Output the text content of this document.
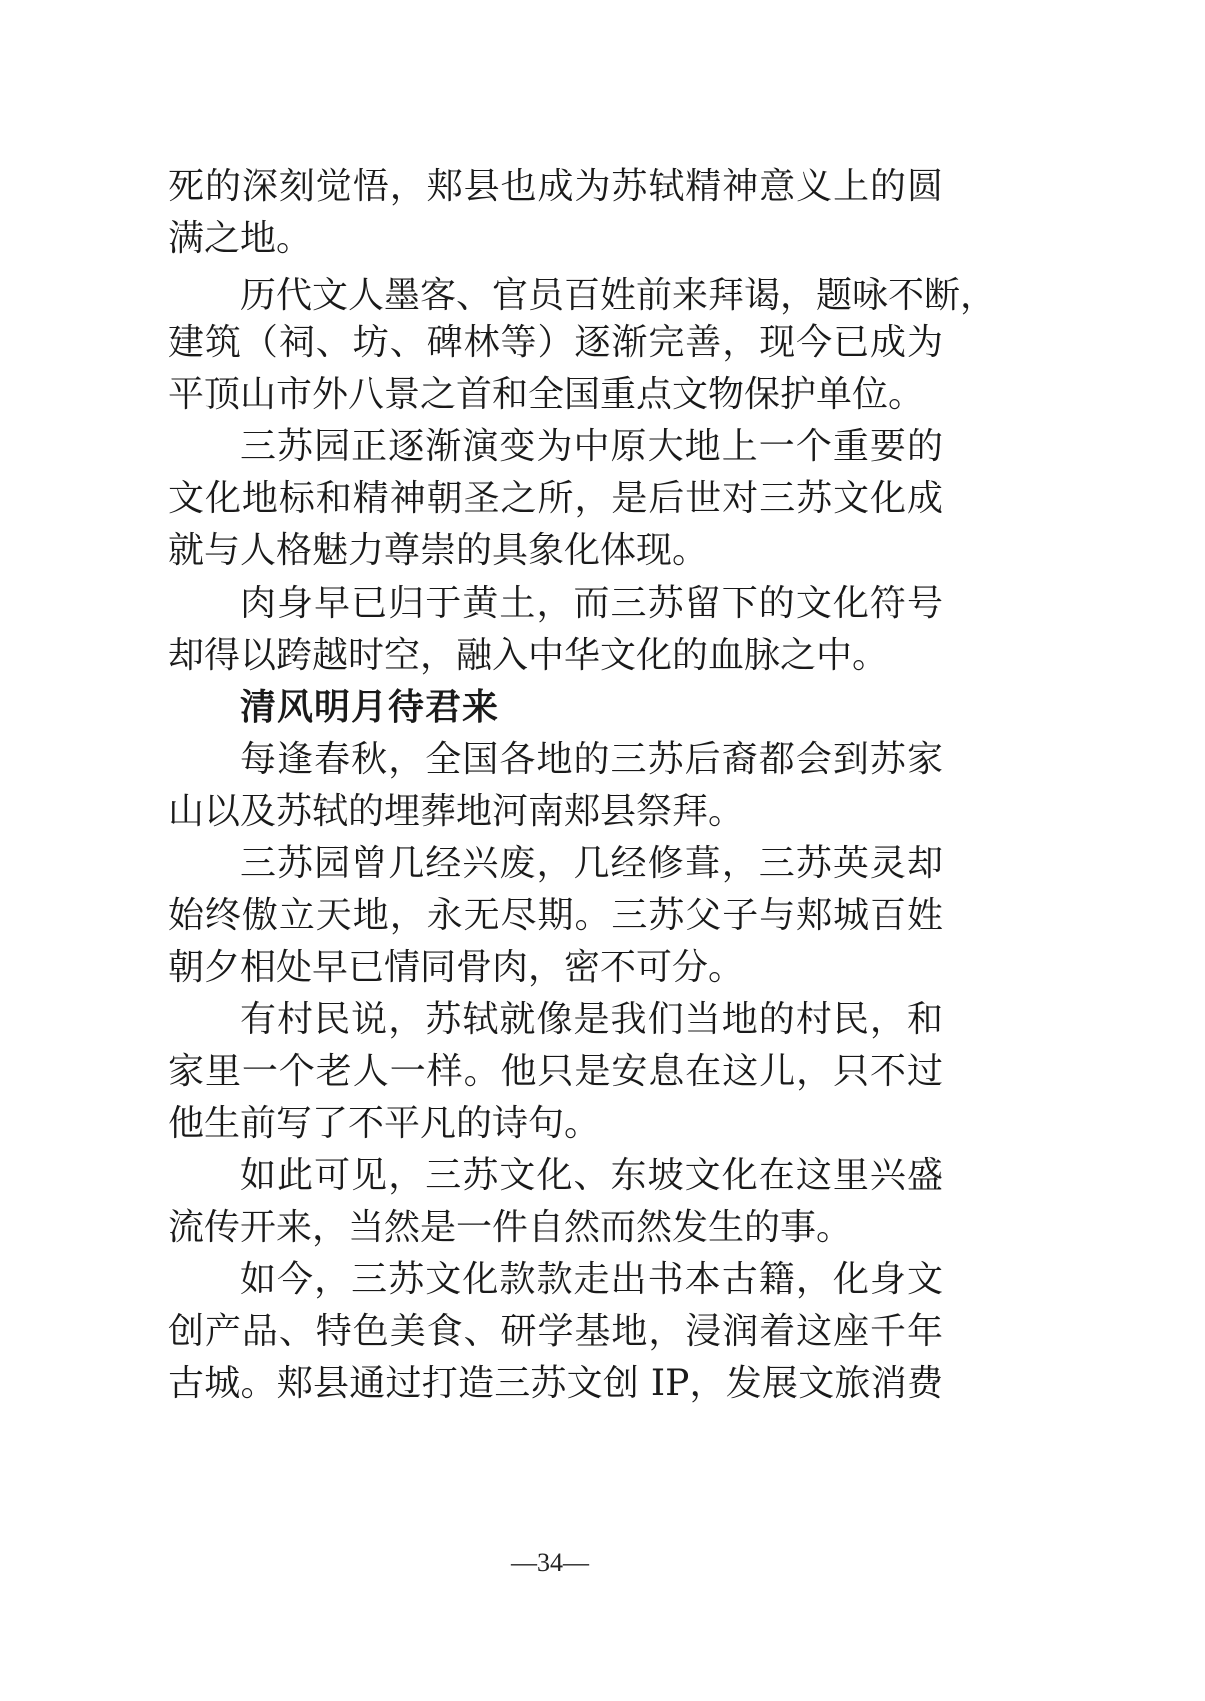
死的深刻觉悟，郏县也成为苏轼精神意义上的圆
满之地。
历代文人墨客、官员百姓前来拜谒，题咏不断，
建筑（祠、坊、碑林等）逐渐完善，现今已成为
平顶山市外八景之首和全国重点文物保护单位。
三苏园正逐渐演变为中原大地上一个重要的
文化地标和精神朝圣之所，是后世对三苏文化成
就与人格魅力尊崇的具象化体现。
肉身早已归于黄土，而三苏留下的文化符号
却得以跨越时空，融入中华文化的血脉之中。
清风明月待君来
每逢春秋，全国各地的三苏后裔都会到苏家
山以及苏轼的埋葬地河南郏县祭拜。
三苏园曾几经兴废，几经修葺，三苏英灵却
始终傲立天地，永无尽期。三苏父子与郏城百姓
朝夕相处早已情同骨肉，密不可分。
有村民说，苏轼就像是我们当地的村民，和
家里一个老人一样。他只是安息在这儿，只不过
他生前写了不平凡的诗句。
如此可见，三苏文化、东坡文化在这里兴盛
流传开来，当然是一件自然而然发生的事。
如今，三苏文化款款走出书本古籍，化身文
创产品、特色美食、研学基地，浸润着这座千年
古城。郏县通过打造三苏文创 IP，发展文旅消费
—34—
